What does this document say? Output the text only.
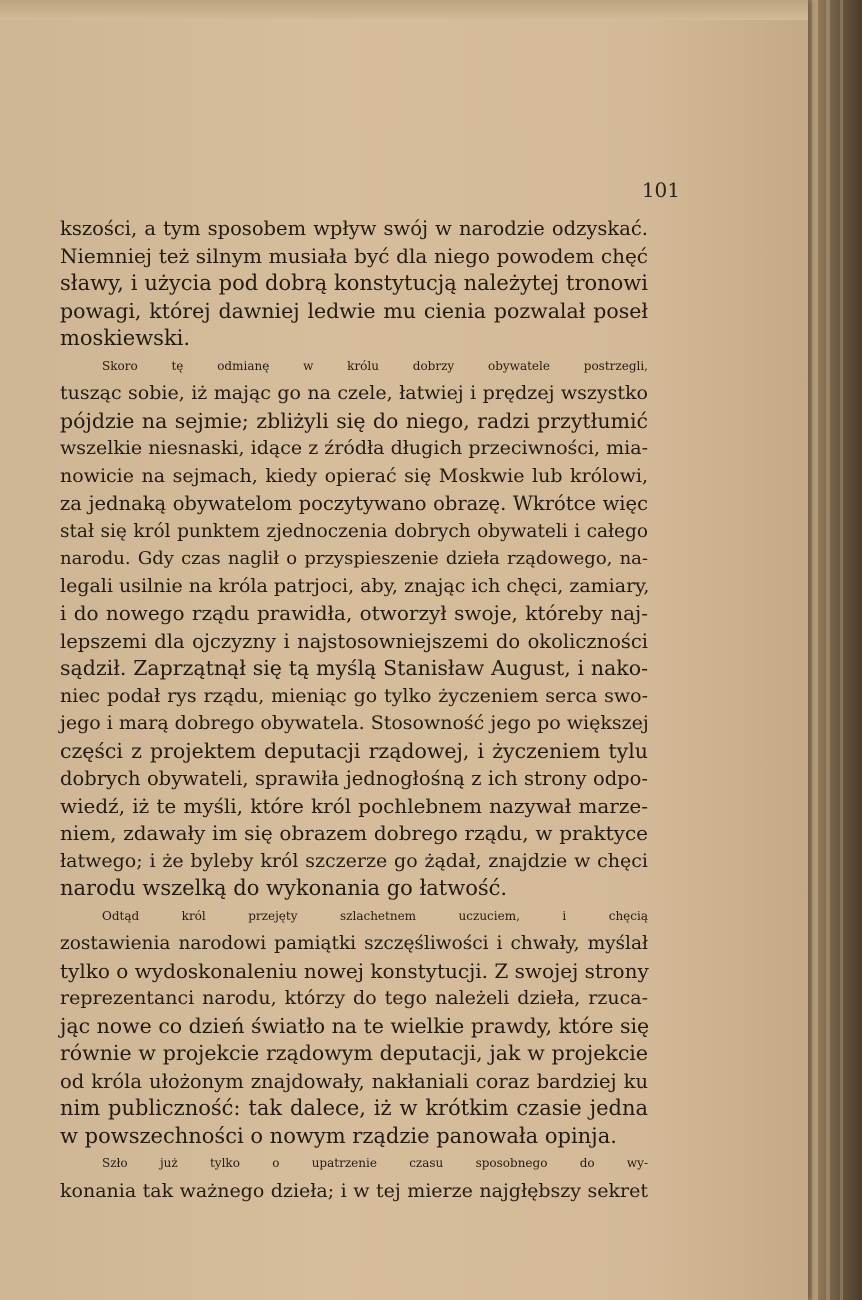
101
kszości, a tym sposobem wpływ swój w narodzie odzyskać.
Niemniej też silnym musiała być dla niego powodem chęć
sławy, i użycia pod dobrą konstytucją należytej tronowi
powagi, której dawniej ledwie mu cienia pozwalał poseł
moskiewski.
Skoro tę odmianę w królu dobrzy obywatele postrzegli,
tusząc sobie, iż mając go na czele, łatwiej i prędzej wszystko
pójdzie na sejmie; zbliżyli się do niego, radzi przytłumić
wszelkie niesnaski, idące z źródła długich przeciwności, mia-
nowicie na sejmach, kiedy opierać się Moskwie lub królowi,
za jednaką obywatelom poczytywano obrazę. Wkrótce więc
stał się król punktem zjednoczenia dobrych obywateli i całego
narodu. Gdy czas naglił o przyspieszenie dzieła rządowego, na-
legali usilnie na króla patrjoci, aby, znając ich chęci, zamiary,
i do nowego rządu prawidła, otworzył swoje, któreby naj-
lepszemi dla ojczyzny i najstosowniejszemi do okoliczności
sądził. Zaprzątnął się tą myślą Stanisław August, i nako-
niec podał rys rządu, mieniąc go tylko życzeniem serca swo-
jego i marą dobrego obywatela. Stosowność jego po większej
części z projektem deputacji rządowej, i życzeniem tylu
dobrych obywateli, sprawiła jednogłośną z ich strony odpo-
wiedź, iż te myśli, które król pochlebnem nazywał marze-
niem, zdawały im się obrazem dobrego rządu, w praktyce
łatwego; i że byleby król szczerze go żądał, znajdzie w chęci
narodu wszelką do wykonania go łatwość.
Odtąd król przejęty szlachetnem uczuciem, i chęcią
zostawienia narodowi pamiątki szczęśliwości i chwały, myślał
tylko o wydoskonaleniu nowej konstytucji. Z swojej strony
reprezentanci narodu, którzy do tego należeli dzieła, rzuca-
jąc nowe co dzień światło na te wielkie prawdy, które się
równie w projekcie rządowym deputacji, jak w projekcie
od króla ułożonym znajdowały, nakłaniali coraz bardziej ku
nim publiczność: tak dalece, iż w krótkim czasie jedna
w powszechności o nowym rządzie panowała opinja.
Szło już tylko o upatrzenie czasu sposobnego do wy-
konania tak ważnego dzieła; i w tej mierze najgłębszy sekret
